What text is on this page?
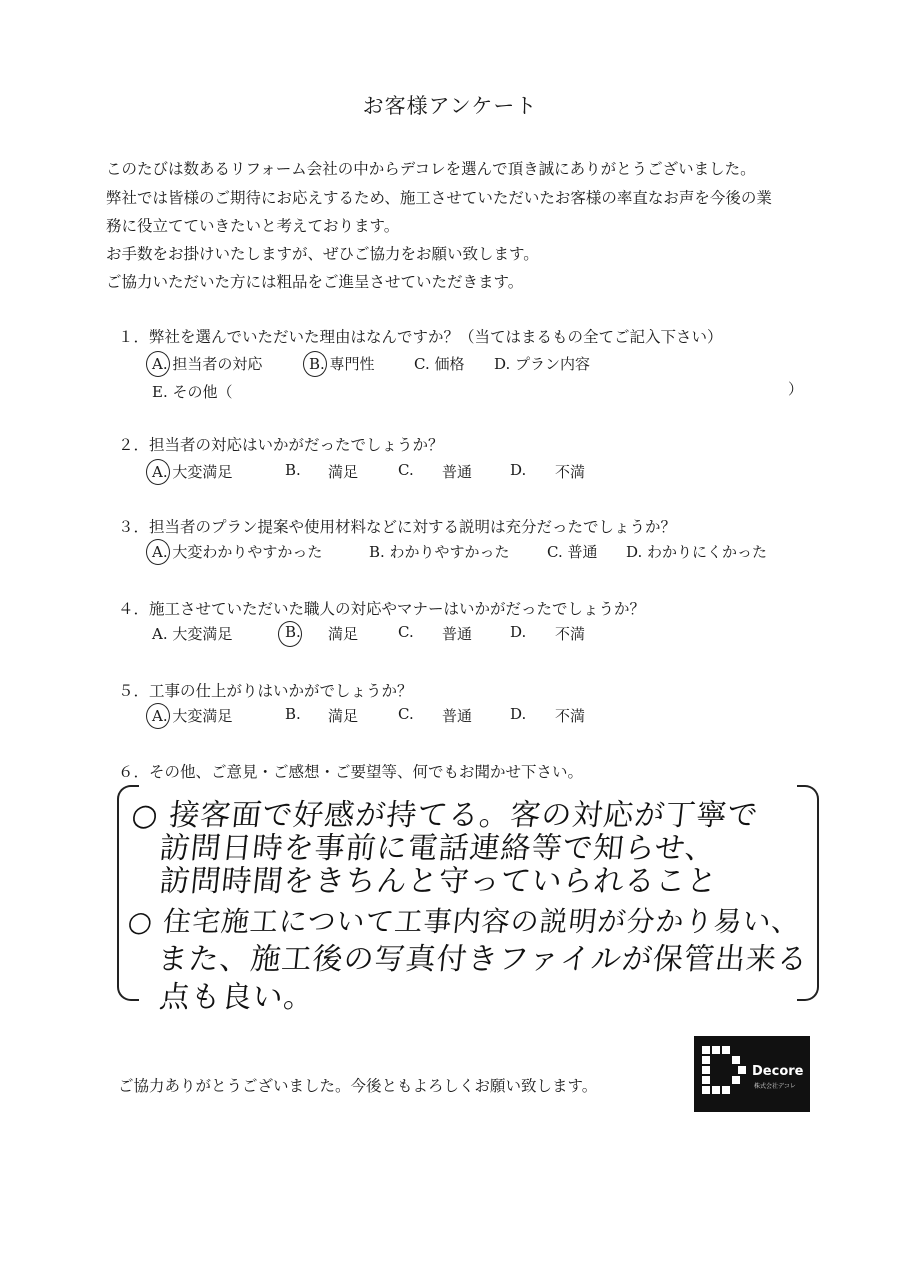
お客様アンケート
このたびは数あるリフォーム会社の中からデコレを選んで頂き誠にありがとうございました。
弊社では皆様のご期待にお応えするため、施工させていただいたお客様の率直なお声を今後の業
務に役立てていきたいと考えております。
お手数をお掛けいたしますが、ぜひご協力をお願い致します。
ご協力いただいた方には粗品をご進呈させていただきます。
１．弊社を選んでいただいた理由はなんですか？（当てはまるもの全てご記入下さい）
A. 担当者の対応	B. 専門性	C. 価格 D. プラン内容
E. その他（	）
２．担当者の対応はいかがだったでしょうか？
A. 大変満足	B. 満足	C. 普通	D. 不満
３．担当者のプラン提案や使用材料などに対する説明は充分だったでしょうか？
A. 大変わかりやすかった	B. わかりやすかった C. 普通 D. わかりにくかった
４．施工させていただいた職人の対応やマナーはいかがだったでしょうか？
A. 大変満足	B. 満足	C. 普通	D. 不満
５．工事の仕上がりはいかがでしょうか？
A. 大変満足	B. 満足	C. 普通	D. 不満
６．その他、ご意見・ご感想・ご要望等、何でもお聞かせ下さい。
○ 接客面で好感が持てる。客の対応が丁寧で
訪問日時を事前に電話連絡等で知らせ、
訪問時間をきちんと守っていられること
○ 住宅施工について工事内容の説明が分かり易い、
また、施工後の写真付きファイルが保管出来る
点も良い。
ご協力ありがとうございました。今後ともよろしくお願い致します。
Decore
株式会社デコレ
